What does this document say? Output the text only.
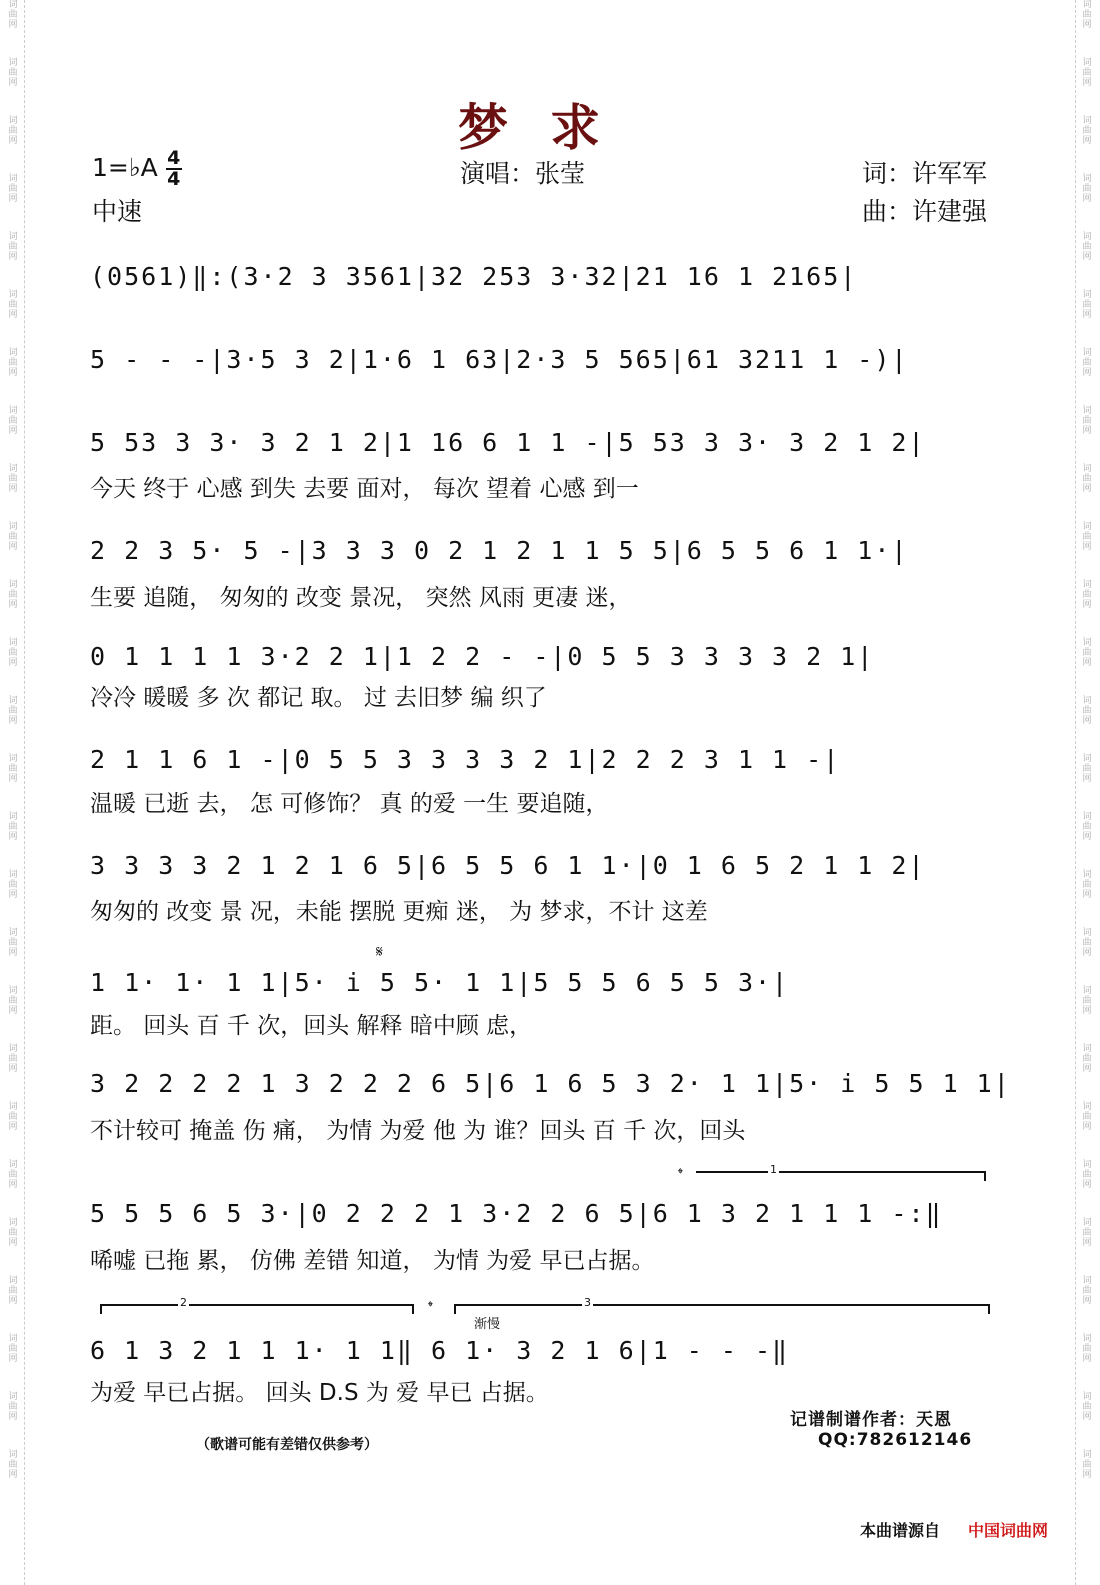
词曲网
词曲网
词曲网
词曲网
词曲网
词曲网
词曲网
词曲网
词曲网
词曲网
词曲网
词曲网
词曲网
词曲网
词曲网
词曲网
词曲网
词曲网
词曲网
词曲网
词曲网
词曲网
词曲网
词曲网
词曲网
词曲网
词曲网
词曲网
词曲网
词曲网
词曲网
词曲网
词曲网
词曲网
词曲网
词曲网
词曲网
词曲网
词曲网
词曲网
词曲网
词曲网
词曲网
词曲网
词曲网
词曲网
词曲网
词曲网
词曲网
词曲网
词曲网
词曲网
梦求
1=♭A $\frac{4}{4}$
中速
演唱：张莹	词：许军军
曲：许建强
(0561)‖:(3·2 3 3561|32 253 3·32|21 16 1 2165|
5 - - -|3·5 3 2|1·6 1 63|2·3 5 565|61 3211 1 -)|
5 53 3 3· 3 2 1 2|1 16 6 1 1 -|5 53 3 3· 3 2 1 2|
今天 终于 心感 到失 去要 面对， 每次 望着 心感 到一
2 2 3 5· 5 -|3 3 3 0 2 1 2 1 1 5 5|6 5 5 6 1 1·|
生要 追随， 匆匆的 改变 景况， 突然 风雨 更凄 迷，
0 1 1 1 1 3·2 2 1|1 2 2 - -|0 5 5 3 3 3 3 2 1|
冷冷 暖暖 多 次 都记 取。 过 去旧梦 编 织了
2 1 1 6 1 -|0 5 5 3 3 3 3 2 1|2 2 2 3 1 1 -|
温暖 已逝 去， 怎 可修饰？ 真 的爱 一生 要追随，
3 3 3 3 2 1 2 1 6 5|6 5 5 6 1 1·|0 1 6 5 2 1 1 2|
匆匆的 改变 景 况，未能 摆脱 更痴 迷， 为 梦求，不计 这差
𝄋
1 1· 1· 1 1|5· i 5 5· 1 1|5 5 5 6 5 5 3·|
距。 回头 百 千 次，回头 解释 暗中顾 虑，
3 2 2 2 2 1 3 2 2 2 6 5|6 1 6 5 3 2· 1 1|5· i 5 5 1 1|
不计较可 掩盖 伤 痛， 为情 为爱 他 为 谁？回头 百 千 次，回头
𝄌	1
5 5 5 6 5 3·|0 2 2 2 1 3·2 2 6 5|6 1 3 2 1 1 1 -:‖
唏嘘 已拖 累， 仿佛 差错 知道， 为情 为爱 早已占据。
2	𝄌	3
渐慢
6 1 3 2 1 1 1· 1 1‖ 6 1· 3 2 1 6|1 - - -‖
为爱 早已占据。 回头 D.S 为 爱 早已 占据。
记谱制谱作者：天恩
QQ:782612146
（歌谱可能有差错仅供参考）
本曲谱源自 中国词曲网
